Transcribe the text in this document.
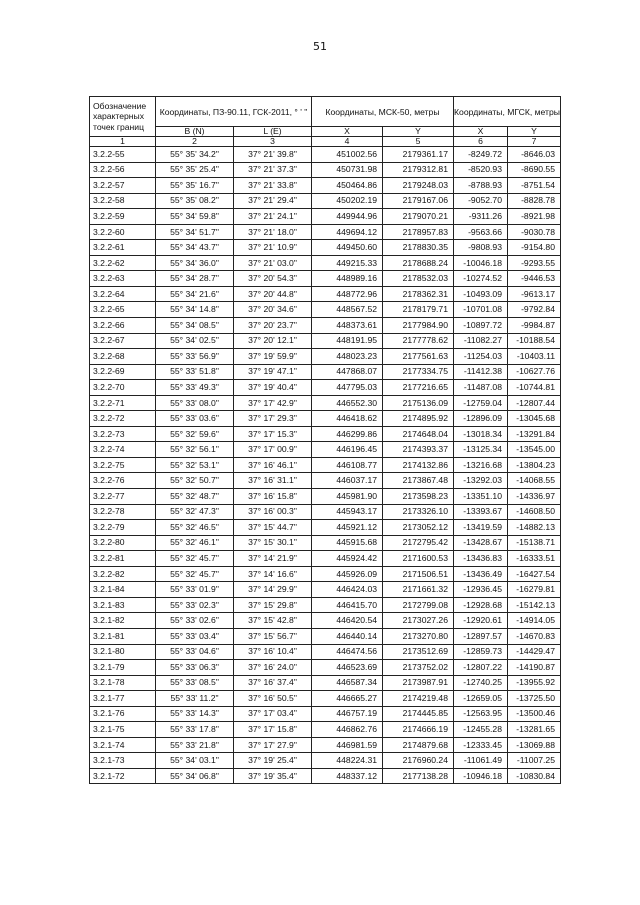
51
Обозначение характерных точек границ	Координаты, ПЗ-90.11, ГСК-2011, ° ' "		Координаты, МСК-50, метры		Координаты, МГСК, метры	
	B (N)	L (E)	X	Y	X	Y
1	2	3	4	5	6	7
3.2.2-55	55° 35' 34.2"	37° 21' 39.8"	451002.56	2179361.17	-8249.72	-8646.03
3.2.2-56	55° 35' 25.4"	37° 21' 37.3"	450731.98	2179312.81	-8520.93	-8690.55
3.2.2-57	55° 35' 16.7"	37° 21' 33.8"	450464.86	2179248.03	-8788.93	-8751.54
3.2.2-58	55° 35' 08.2"	37° 21' 29.4"	450202.19	2179167.06	-9052.70	-8828.78
3.2.2-59	55° 34' 59.8"	37° 21' 24.1"	449944.96	2179070.21	-9311.26	-8921.98
3.2.2-60	55° 34' 51.7"	37° 21' 18.0"	449694.12	2178957.83	-9563.66	-9030.78
3.2.2-61	55° 34' 43.7"	37° 21' 10.9"	449450.60	2178830.35	-9808.93	-9154.80
3.2.2-62	55° 34' 36.0"	37° 21' 03.0"	449215.33	2178688.24	-10046.18	-9293.55
3.2.2-63	55° 34' 28.7"	37° 20' 54.3"	448989.16	2178532.03	-10274.52	-9446.53
3.2.2-64	55° 34' 21.6"	37° 20' 44.8"	448772.96	2178362.31	-10493.09	-9613.17
3.2.2-65	55° 34' 14.8"	37° 20' 34.6"	448567.52	2178179.71	-10701.08	-9792.84
3.2.2-66	55° 34' 08.5"	37° 20' 23.7"	448373.61	2177984.90	-10897.72	-9984.87
3.2.2-67	55° 34' 02.5"	37° 20' 12.1"	448191.95	2177778.62	-11082.27	-10188.54
3.2.2-68	55° 33' 56.9"	37° 19' 59.9"	448023.23	2177561.63	-11254.03	-10403.11
3.2.2-69	55° 33' 51.8"	37° 19' 47.1"	447868.07	2177334.75	-11412.38	-10627.76
3.2.2-70	55° 33' 49.3"	37° 19' 40.4"	447795.03	2177216.65	-11487.08	-10744.81
3.2.2-71	55° 33' 08.0"	37° 17' 42.9"	446552.30	2175136.09	-12759.04	-12807.44
3.2.2-72	55° 33' 03.6"	37° 17' 29.3"	446418.62	2174895.92	-12896.09	-13045.68
3.2.2-73	55° 32' 59.6"	37° 17' 15.3"	446299.86	2174648.04	-13018.34	-13291.84
3.2.2-74	55° 32' 56.1"	37° 17' 00.9"	446196.45	2174393.37	-13125.34	-13545.00
3.2.2-75	55° 32' 53.1"	37° 16' 46.1"	446108.77	2174132.86	-13216.68	-13804.23
3.2.2-76	55° 32' 50.7"	37° 16' 31.1"	446037.17	2173867.48	-13292.03	-14068.55
3.2.2-77	55° 32' 48.7"	37° 16' 15.8"	445981.90	2173598.23	-13351.10	-14336.97
3.2.2-78	55° 32' 47.3"	37° 16' 00.3"	445943.17	2173326.10	-13393.67	-14608.50
3.2.2-79	55° 32' 46.5"	37° 15' 44.7"	445921.12	2173052.12	-13419.59	-14882.13
3.2.2-80	55° 32' 46.1"	37° 15' 30.1"	445915.68	2172795.42	-13428.67	-15138.71
3.2.2-81	55° 32' 45.7"	37° 14' 21.9"	445924.42	2171600.53	-13436.83	-16333.51
3.2.2-82	55° 32' 45.7"	37° 14' 16.6"	445926.09	2171506.51	-13436.49	-16427.54
3.2.1-84	55° 33' 01.9"	37° 14' 29.9"	446424.03	2171661.32	-12936.45	-16279.81
3.2.1-83	55° 33' 02.3"	37° 15' 29.8"	446415.70	2172799.08	-12928.68	-15142.13
3.2.1-82	55° 33' 02.6"	37° 15' 42.8"	446420.54	2173027.26	-12920.61	-14914.05
3.2.1-81	55° 33' 03.4"	37° 15' 56.7"	446440.14	2173270.80	-12897.57	-14670.83
3.2.1-80	55° 33' 04.6"	37° 16' 10.4"	446474.56	2173512.69	-12859.73	-14429.47
3.2.1-79	55° 33' 06.3"	37° 16' 24.0"	446523.69	2173752.02	-12807.22	-14190.87
3.2.1-78	55° 33' 08.5"	37° 16' 37.4"	446587.34	2173987.91	-12740.25	-13955.92
3.2.1-77	55° 33' 11.2"	37° 16' 50.5"	446665.27	2174219.48	-12659.05	-13725.50
3.2.1-76	55° 33' 14.3"	37° 17' 03.4"	446757.19	2174445.85	-12563.95	-13500.46
3.2.1-75	55° 33' 17.8"	37° 17' 15.8"	446862.76	2174666.19	-12455.28	-13281.65
3.2.1-74	55° 33' 21.8"	37° 17' 27.9"	446981.59	2174879.68	-12333.45	-13069.88
3.2.1-73	55° 34' 03.1"	37° 19' 25.4"	448224.31	2176960.24	-11061.49	-11007.25
3.2.1-72	55° 34' 06.8"	37° 19' 35.4"	448337.12	2177138.28	-10946.18	-10830.84
